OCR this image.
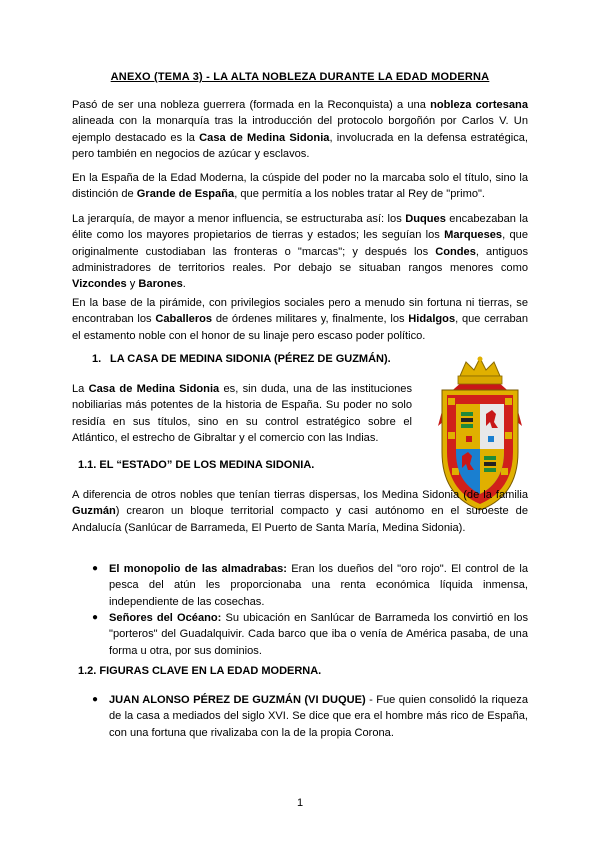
ANEXO (TEMA 3) - LA ALTA NOBLEZA DURANTE LA EDAD MODERNA

Pasó de ser una nobleza guerrera (formada en la Reconquista) a una nobleza cortesana alineada con la monarquía tras la introducción del protocolo borgoñón por Carlos V. Un ejemplo destacado es la Casa de Medina Sidonia, involucrada en la defensa estratégica, pero también en negocios de azúcar y esclavos.

En la España de la Edad Moderna, la cúspide del poder no la marcaba solo el título, sino la distinción de Grande de España, que permitía a los nobles tratar al Rey de "primo".

La jerarquía, de mayor a menor influencia, se estructuraba así: los Duques encabezaban la élite como los mayores propietarios de tierras y estados; les seguían los Marqueses, que originalmente custodiaban las fronteras o "marcas"; y después los Condes, antiguos administradores de territorios reales. Por debajo se situaban rangos menores como Vizcondes y Barones.

En la base de la pirámide, con privilegios sociales pero a menudo sin fortuna ni tierras, se encontraban los Caballeros de órdenes militares y, finalmente, los Hidalgos, que cerraban el estamento noble con el honor de su linaje pero escaso poder político.

1. LA CASA DE MEDINA SIDONIA (PÉREZ DE GUZMÁN).

La Casa de Medina Sidonia es, sin duda, una de las instituciones nobiliarias más potentes de la historia de España. Su poder no solo residía en sus títulos, sino en su control estratégico sobre el Atlántico, el estrecho de Gibraltar y el comercio con las Indias.

1.1. EL “ESTADO” DE LOS MEDINA SIDONIA.

A diferencia de otros nobles que tenían tierras dispersas, los Medina Sidonia (de la familia Guzmán) crearon un bloque territorial compacto y casi autónomo en el suroeste de Andalucía (Sanlúcar de Barrameda, El Puerto de Santa María, Medina Sidonia).

● El monopolio de las almadrabas: Eran los dueños del "oro rojo". El control de la pesca del atún les proporcionaba una renta económica líquida inmensa, independiente de las cosechas.
● Señores del Océano: Su ubicación en Sanlúcar de Barrameda los convirtió en los "porteros" del Guadalquivir. Cada barco que iba o venía de América pasaba, de una forma u otra, por sus dominios.
1.2. FIGURAS CLAVE EN LA EDAD MODERNA.
● JUAN ALONSO PÉREZ DE GUZMÁN (VI DUQUE) - Fue quien consolidó la riqueza de la casa a mediados del siglo XVI. Se dice que era el hombre más rico de España, con una fortuna que rivalizaba con la de la propia Corona.
1
